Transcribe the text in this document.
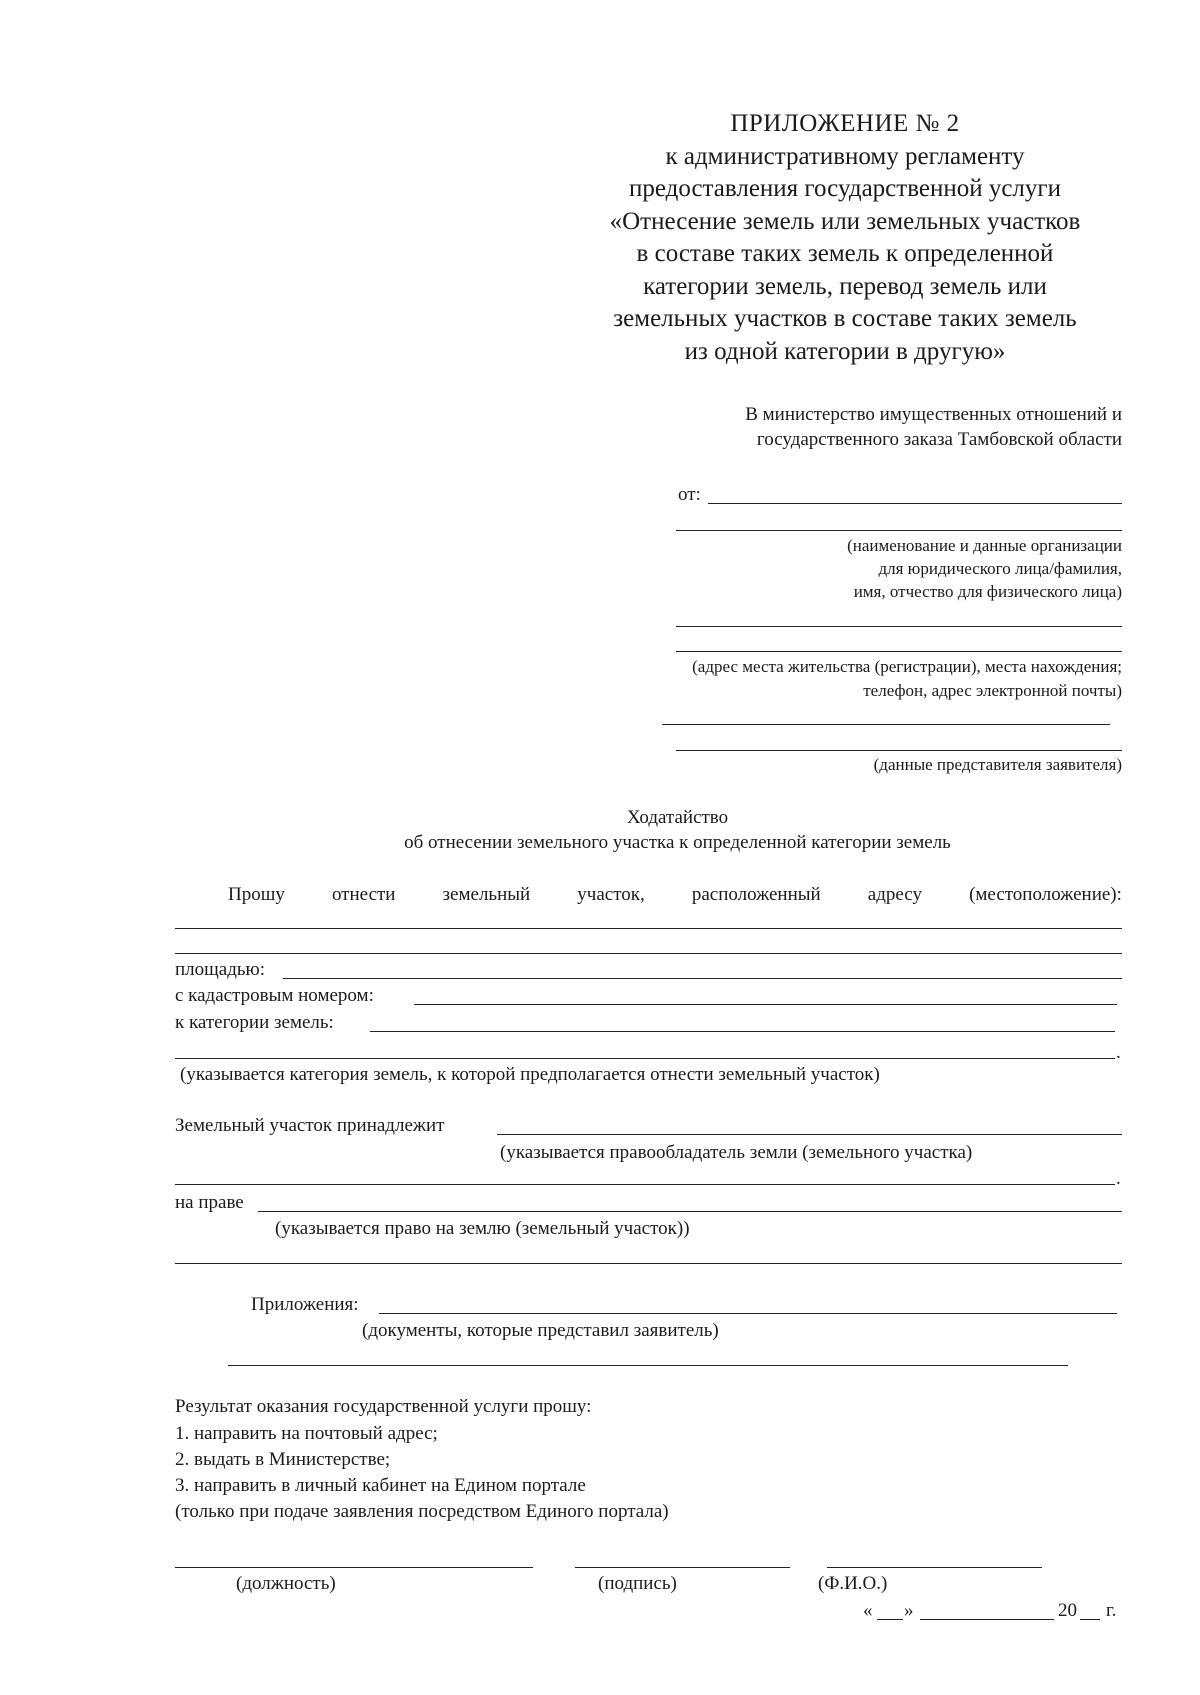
ПРИЛОЖЕНИЕ № 2
к административному регламенту
предоставления государственной услуги
«Отнесение земель или земельных участков
в составе таких земель к определенной
категории земель, перевод земель или
земельных участков в составе таких земель
из одной категории в другую»
В министерство имущественных отношений и
государственного заказа Тамбовской области
от:
(наименование и данные организации
для юридического лица/фамилия,
имя, отчество для физического лица)
(адрес места жительства (регистрации), места нахождения;
телефон, адрес электронной почты)
(данные представителя заявителя)
Ходатайство
об отнесении земельного участка к определенной категории земель
Прошу отнести земельный участок, расположенный адресу (местоположение):
площадью:
с кадастровым номером:
к категории земель:
.
(указывается категория земель, к которой предполагается отнести земельный участок)
Земельный участок принадлежит
(указывается правообладатель земли (земельного участка)
.
на праве
(указывается право на землю (земельный участок))
Приложения:
(документы, которые представил заявитель)
Результат оказания государственной услуги прошу:
1. направить на почтовый адрес;
2. выдать в Министерстве;
3. направить в личный кабинет на Едином портале
(только при подаче заявления посредством Единого портала)
(должность)	(подпись)	(Ф.И.О.)
« »	20 г.
